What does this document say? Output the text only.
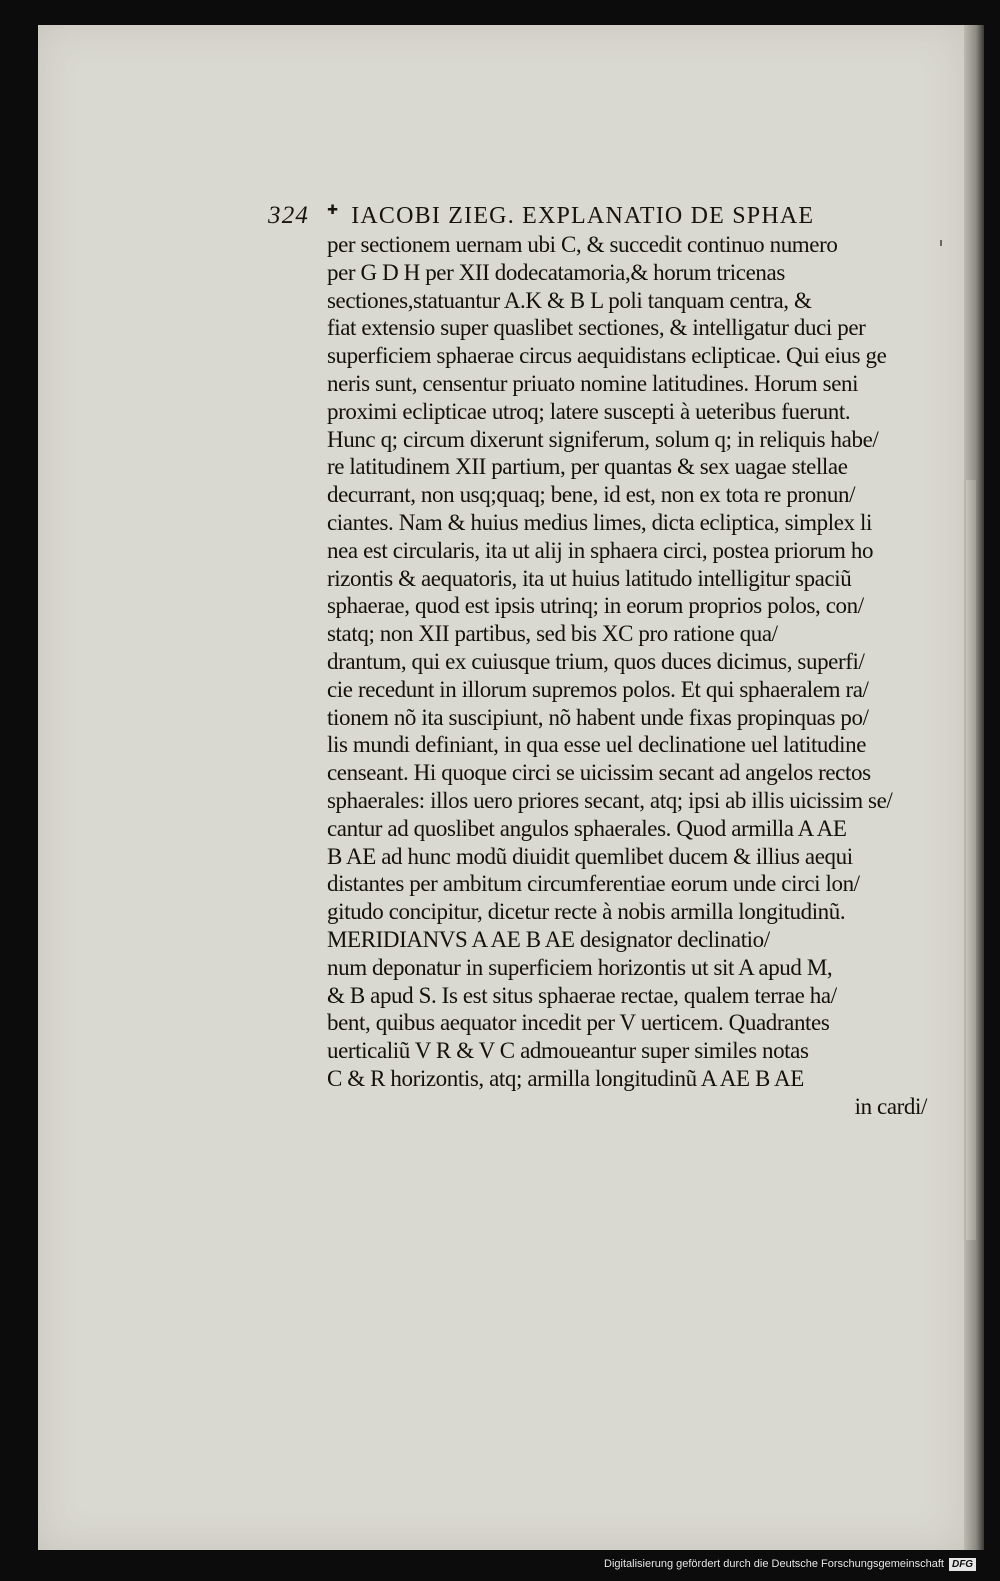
324 ✚ IACOBI ZIEG. EXPLANATIO DE SPHAE
per sectionem uernam ubi C, & succedit continuo numero
per G D H per XII dodecatamoria,& horum tricenas
sectiones,statuantur A.K & B L poli tanquam centra, &
fiat extensio super quaslibet sectiones, & intelligatur duci per
superficiem sphaerae circus aequidistans eclipticae. Qui eius ge
neris sunt, censentur priuato nomine latitudines. Horum seni
proximi eclipticae utroq; latere suscepti à ueteribus fuerunt.
Hunc q; circum dixerunt signiferum, solum q; in reliquis habe/
re latitudinem XII partium, per quantas & sex uagae stellae
decurrant, non usq;quaq; bene, id est, non ex tota re pronun/
ciantes. Nam & huius medius limes, dicta ecliptica, simplex li
nea est circularis, ita ut alij in sphaera circi, postea priorum ho
rizontis & aequatoris, ita ut huius latitudo intelligitur spaciũ
sphaerae, quod est ipsis utrinq; in eorum proprios polos, con/
statq; non XII partibus, sed bis XC pro ratione qua/
drantum, qui ex cuiusque trium, quos duces dicimus, superfi/
cie recedunt in illorum supremos polos. Et qui sphaeralem ra/
tionem nõ ita suscipiunt, nõ habent unde fixas propinquas po/
lis mundi definiant, in qua esse uel declinatione uel latitudine
censeant. Hi quoque circi se uicissim secant ad angelos rectos
sphaerales: illos uero priores secant, atq; ipsi ab illis uicissim se/
cantur ad quoslibet angulos sphaerales. Quod armilla A AE
B AE ad hunc modũ diuidit quemlibet ducem & illius aequi
distantes per ambitum circumferentiae eorum unde circi lon/
gitudo concipitur, dicetur recte à nobis armilla longitudinũ.
MERIDIANVS A AE B AE designator declinatio/
num deponatur in superficiem horizontis ut sit A apud M,
& B apud S. Is est situs sphaerae rectae, qualem terrae ha/
bent, quibus aequator incedit per V uerticem. Quadrantes
uerticaliũ V R & V C admoueantur super similes notas
C & R horizontis, atq; armilla longitudinũ A AE B AE
in cardi/
Digitalisierung gefördert durch die Deutsche Forschungsgemeinschaft DFG
